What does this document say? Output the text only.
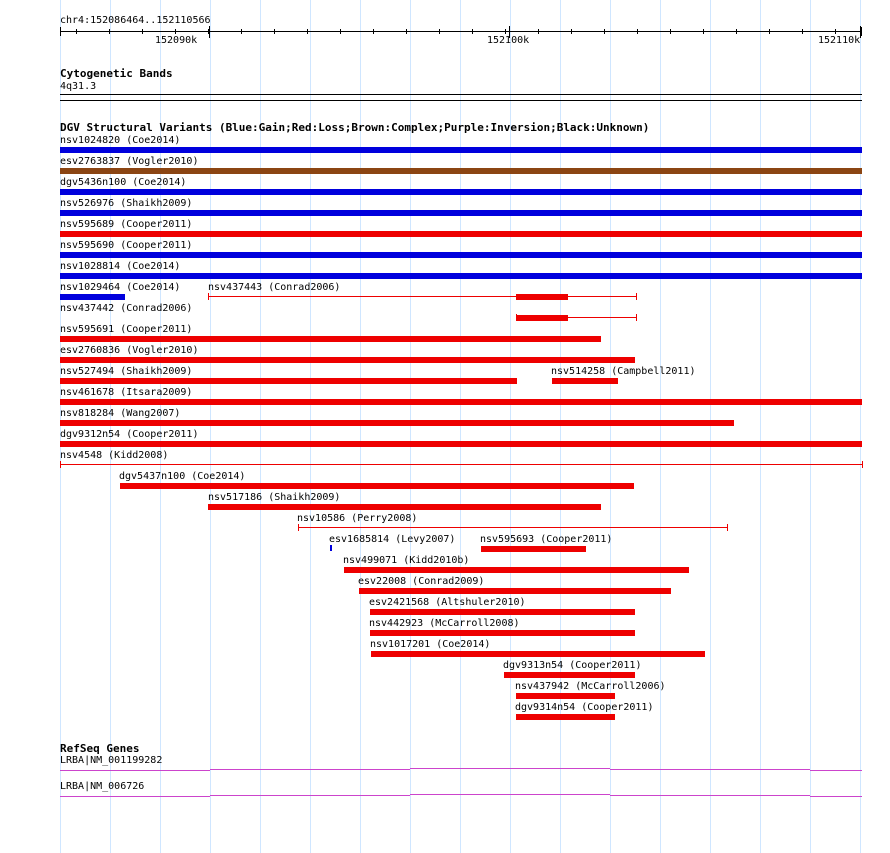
chr4:152086464..152110566
152090k	152100k	152110k
Cytogenetic Bands
4q31.3
DGV Structural Variants (Blue:Gain;Red:Loss;Brown:Complex;Purple:Inversion;Black:Unknown)
nsv1024820 (Coe2014)
esv2763837 (Vogler2010)
dgv5436n100 (Coe2014)
nsv526976 (Shaikh2009)
nsv595689 (Cooper2011)
nsv595690 (Cooper2011)
nsv1028814 (Coe2014)
nsv1029464 (Coe2014)	nsv437443 (Conrad2006)
nsv437442 (Conrad2006)
nsv595691 (Cooper2011)
esv2760836 (Vogler2010)
nsv527494 (Shaikh2009)	nsv514258 (Campbell2011)
nsv461678 (Itsara2009)
nsv818284 (Wang2007)
dgv9312n54 (Cooper2011)
nsv4548 (Kidd2008)
dgv5437n100 (Coe2014)
nsv517186 (Shaikh2009)
nsv10586 (Perry2008)
esv1685814 (Levy2007) nsv595693 (Cooper2011)
nsv499071 (Kidd2010b)
esv22008 (Conrad2009)
esv2421568 (Altshuler2010)
nsv442923 (McCarroll2008)
nsv1017201 (Coe2014)
dgv9313n54 (Cooper2011)
nsv437942 (McCarroll2006)
dgv9314n54 (Cooper2011)
RefSeq Genes
LRBA|NM_001199282
LRBA|NM_006726
